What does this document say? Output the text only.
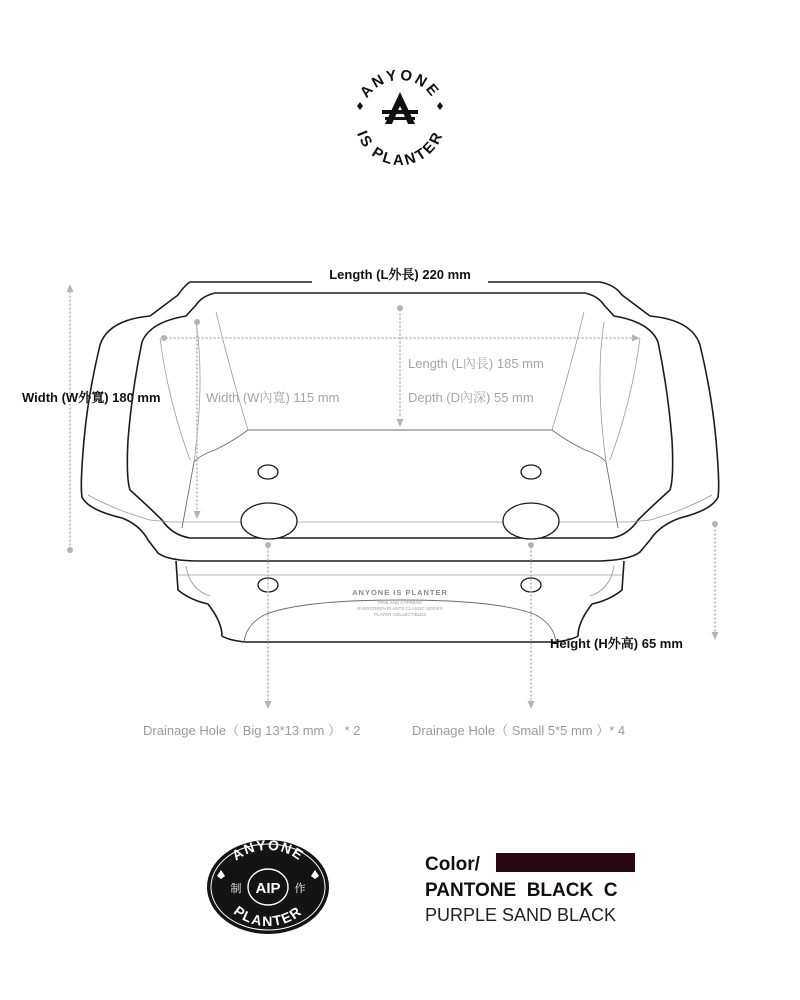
ANYONE
IS PLANTER
ANYONE IS PLANTER
PINE AND CYPRESS
EVERGREEN PLANTS CLASSIC SERIES
PLAYER COLLECTIBLES
Length (L外長) 220 mm
Width (W外寬) 180 mm	Width (W內寬) 115 mm
Length (L內長) 185 mm
Depth (D內深) 55 mm
Height (H外高) 65 mm
Drainage Hole（ Big 13*13 mm ） * 2	Drainage Hole（ Small 5*5 mm ）* 4
ANYONE
PLANTER
AIP
制	作
Color/
PANTONE  BLACK  C
PURPLE SAND BLACK
